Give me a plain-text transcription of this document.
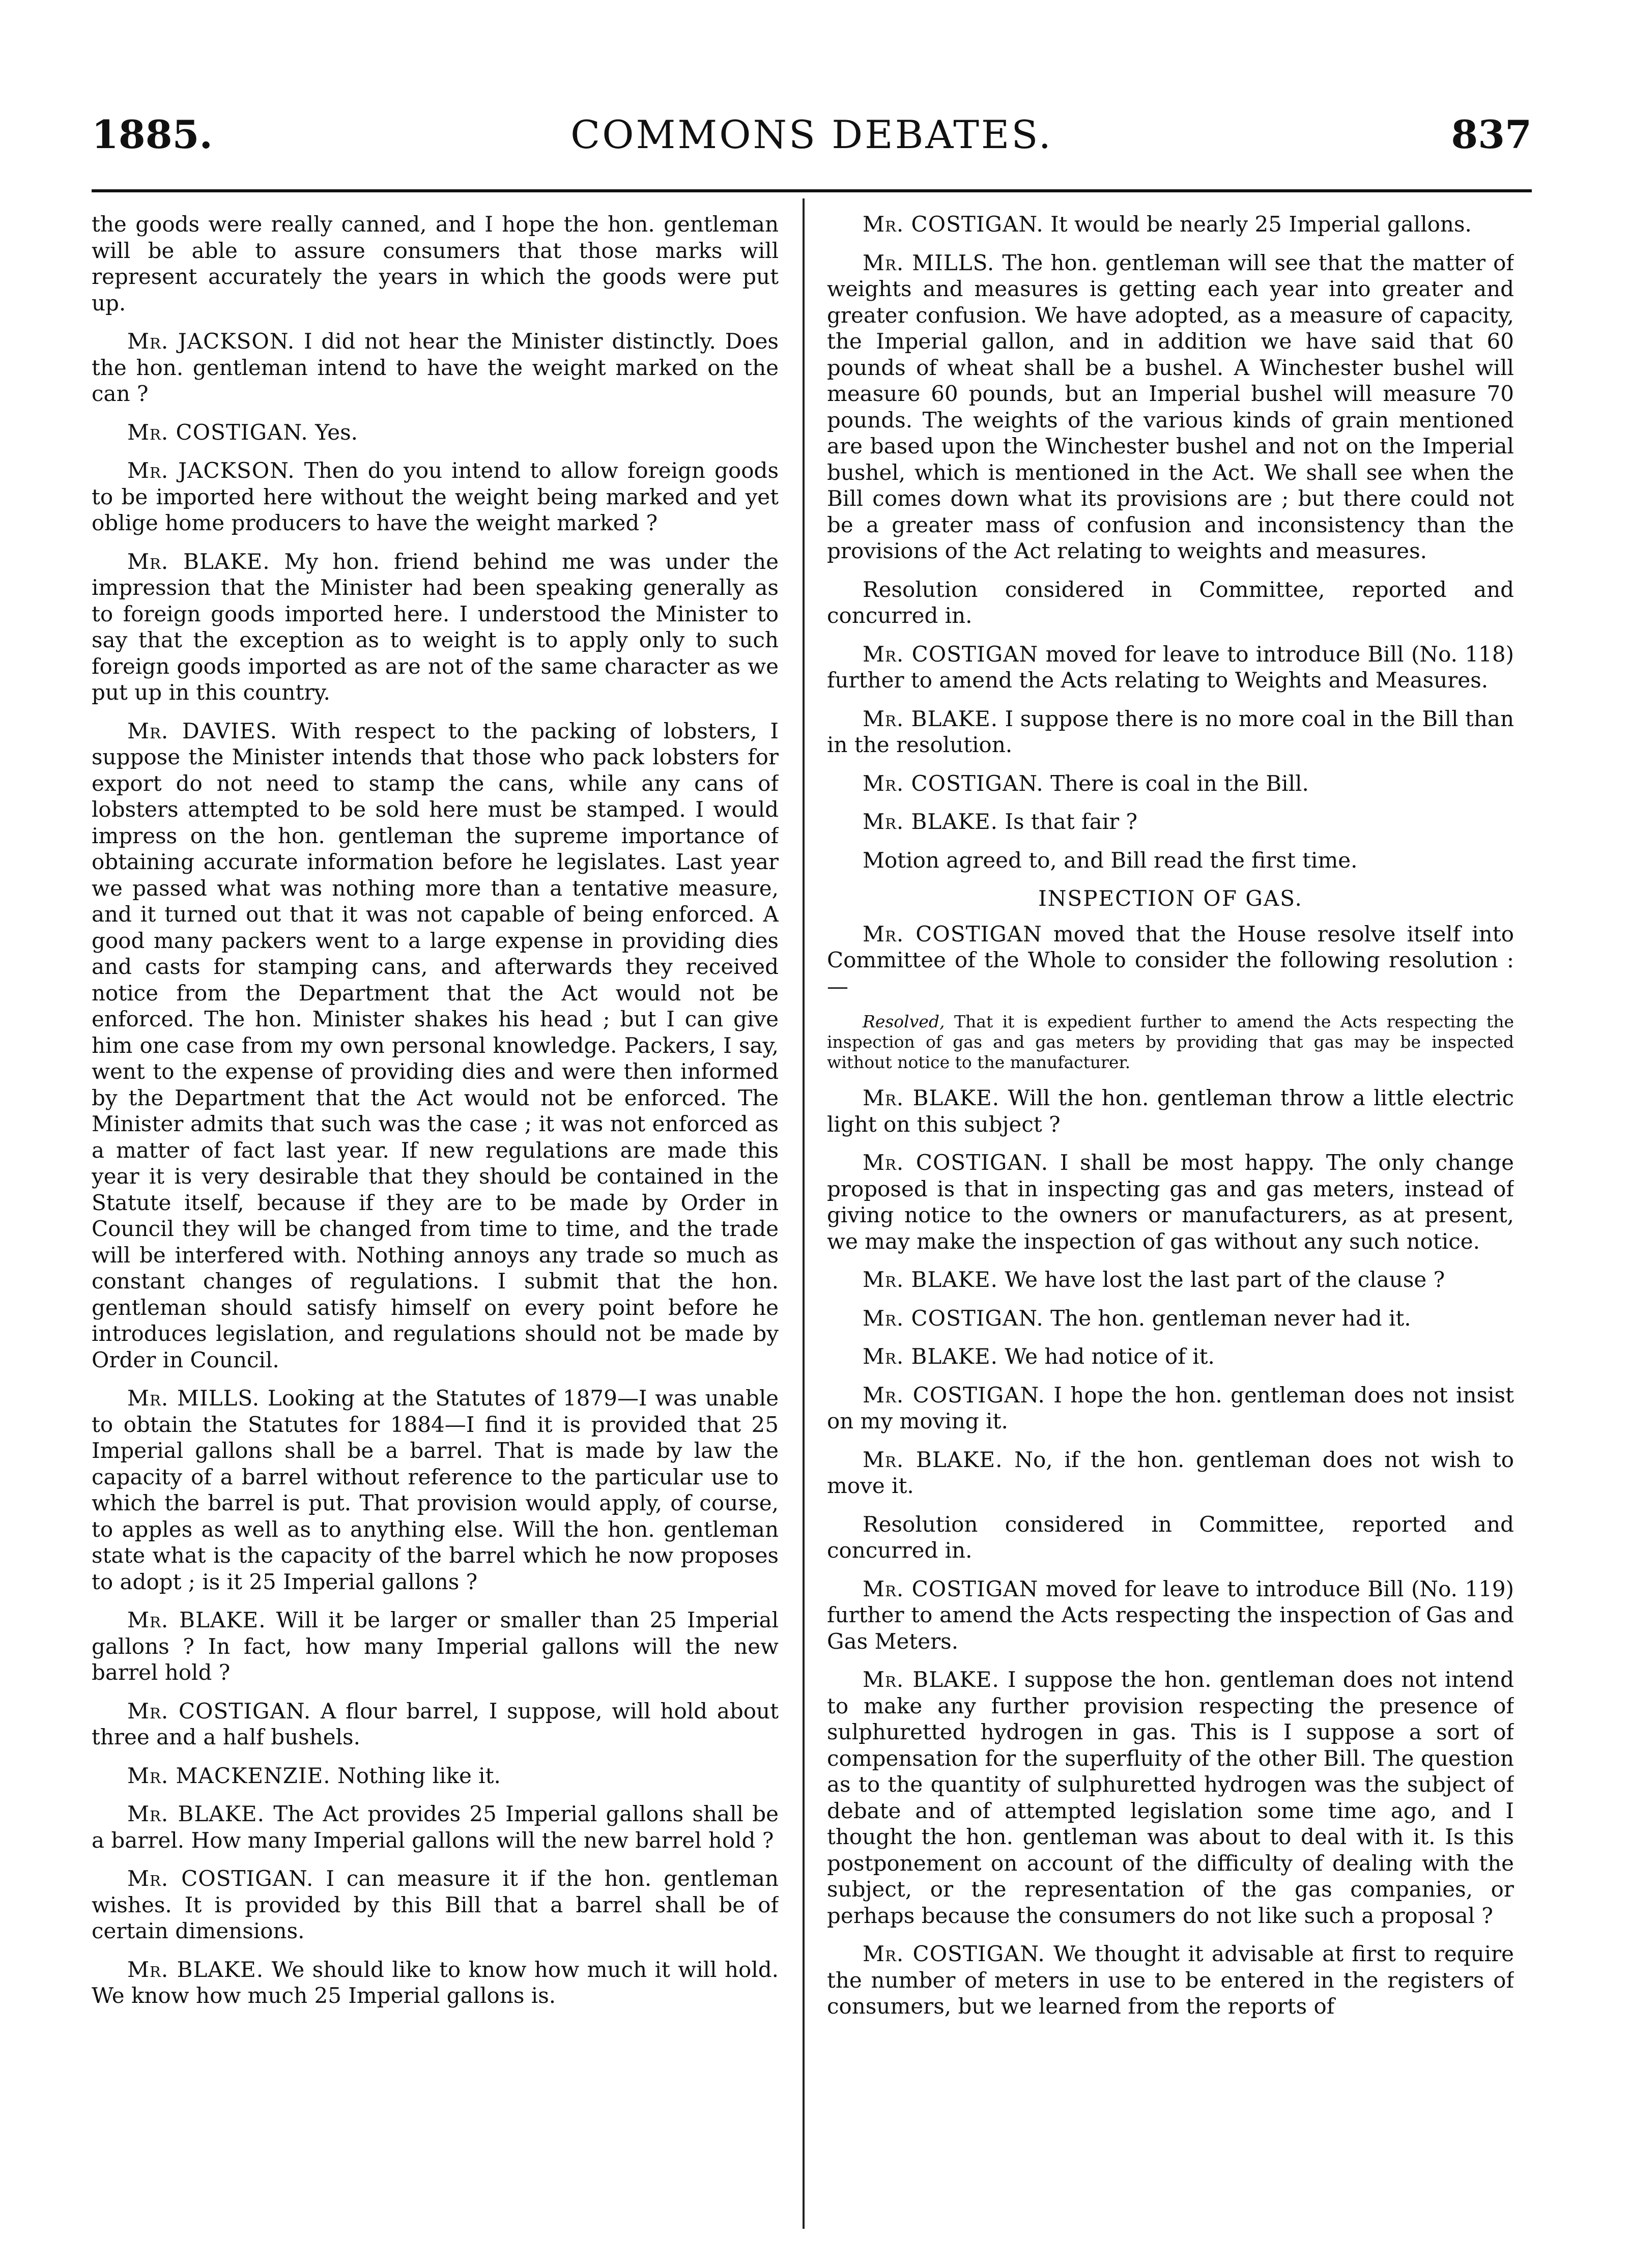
1885.	COMMONS DEBATES.	837

the goods were really canned, and I hope the hon. gentleman will be able to assure consumers that those marks will represent accurately the years in which the goods were put up.

Mr. JACKSON. I did not hear the Minister distinctly. Does the hon. gentleman intend to have the weight marked on the can ?

Mr. COSTIGAN. Yes.

Mr. JACKSON. Then do you intend to allow foreign goods to be imported here without the weight being marked and yet oblige home producers to have the weight marked ?

Mr. BLAKE. My hon. friend behind me was under the impression that the Minister had been speaking generally as to foreign goods imported here. I understood the Minister to say that the exception as to weight is to apply only to such foreign goods imported as are not of the same character as we put up in this country.

Mr. DAVIES. With respect to the packing of lobsters, I suppose the Minister intends that those who pack lobsters for export do not need to stamp the cans, while any cans of lobsters attempted to be sold here must be stamped. I would impress on the hon. gentleman the supreme importance of obtaining accurate information before he legislates. Last year we passed what was nothing more than a tentative measure, and it turned out that it was not capable of being enforced. A good many packers went to a large expense in providing dies and casts for stamping cans, and afterwards they received notice from the Department that the Act would not be enforced. The hon. Minister shakes his head ; but I can give him one case from my own personal knowledge. Packers, I say, went to the expense of providing dies and were then informed by the Department that the Act would not be enforced. The Minister admits that such was the case ; it was not enforced as a matter of fact last year. If new regulations are made this year it is very desirable that they should be contained in the Statute itself, because if they are to be made by Order in Council they will be changed from time to time, and the trade will be interfered with. Nothing annoys any trade so much as constant changes of regulations. I submit that the hon. gentleman should satisfy himself on every point before he introduces legislation, and regulations should not be made by Order in Council.

Mr. MILLS. Looking at the Statutes of 1879—I was unable to obtain the Statutes for 1884—I find it is provided that 25 Imperial gallons shall be a barrel. That is made by law the capacity of a barrel without reference to the particular use to which the barrel is put. That provision would apply, of course, to apples as well as to anything else. Will the hon. gentleman state what is the capacity of the barrel which he now proposes to adopt ; is it 25 Imperial gallons ?

Mr. BLAKE. Will it be larger or smaller than 25 Imperial gallons ? In fact, how many Imperial gallons will the new barrel hold ?

Mr. COSTIGAN. A flour barrel, I suppose, will hold about three and a half bushels.

Mr. MACKENZIE. Nothing like it.

Mr. BLAKE. The Act provides 25 Imperial gallons shall be a barrel. How many Imperial gallons will the new barrel hold ?

Mr. COSTIGAN. I can measure it if the hon. gentleman wishes. It is provided by this Bill that a barrel shall be of certain dimensions.

Mr. BLAKE. We should like to know how much it will hold. We know how much 25 Imperial gallons is.

Mr. COSTIGAN. It would be nearly 25 Imperial gallons.

Mr. MILLS. The hon. gentleman will see that the matter of weights and measures is getting each year into greater and greater confusion. We have adopted, as a measure of capacity, the Imperial gallon, and in addition we have said that 60 pounds of wheat shall be a bushel. A Winchester bushel will measure 60 pounds, but an Imperial bushel will measure 70 pounds. The weights of the various kinds of grain mentioned are based upon the Winchester bushel and not on the Imperial bushel, which is mentioned in the Act. We shall see when the Bill comes down what its provisions are ; but there could not be a greater mass of confusion and inconsistency than the provisions of the Act relating to weights and measures.

Resolution considered in Committee, reported and concurred in.

Mr. COSTIGAN moved for leave to introduce Bill (No. 118) further to amend the Acts relating to Weights and Measures.

Mr. BLAKE. I suppose there is no more coal in the Bill than in the resolution.

Mr. COSTIGAN. There is coal in the Bill.

Mr. BLAKE. Is that fair ?

Motion agreed to, and Bill read the first time.

INSPECTION OF GAS.

Mr. COSTIGAN moved that the House resolve itself into Committee of the Whole to consider the following resolution :—

Resolved, That it is expedient further to amend the Acts respecting the inspection of gas and gas meters by providing that gas may be inspected without notice to the manufacturer.

Mr. BLAKE. Will the hon. gentleman throw a little electric light on this subject ?

Mr. COSTIGAN. I shall be most happy. The only change proposed is that in inspecting gas and gas meters, instead of giving notice to the owners or manufacturers, as at present, we may make the inspection of gas without any such notice.

Mr. BLAKE. We have lost the last part of the clause ?

Mr. COSTIGAN. The hon. gentleman never had it.

Mr. BLAKE. We had notice of it.

Mr. COSTIGAN. I hope the hon. gentleman does not insist on my moving it.

Mr. BLAKE. No, if the hon. gentleman does not wish to move it.

Resolution considered in Committee, reported and concurred in.

Mr. COSTIGAN moved for leave to introduce Bill (No. 119) further to amend the Acts respecting the inspection of Gas and Gas Meters.

Mr. BLAKE. I suppose the hon. gentleman does not intend to make any further provision respecting the presence of sulphuretted hydrogen in gas. This is I suppose a sort of compensation for the superfluity of the other Bill. The question as to the quantity of sulphuretted hydrogen was the subject of debate and of attempted legislation some time ago, and I thought the hon. gentleman was about to deal with it. Is this postponement on account of the difficulty of dealing with the subject, or the representation of the gas companies, or perhaps because the consumers do not like such a proposal ?

Mr. COSTIGAN. We thought it advisable at first to require the number of meters in use to be entered in the registers of consumers, but we learned from the reports of
